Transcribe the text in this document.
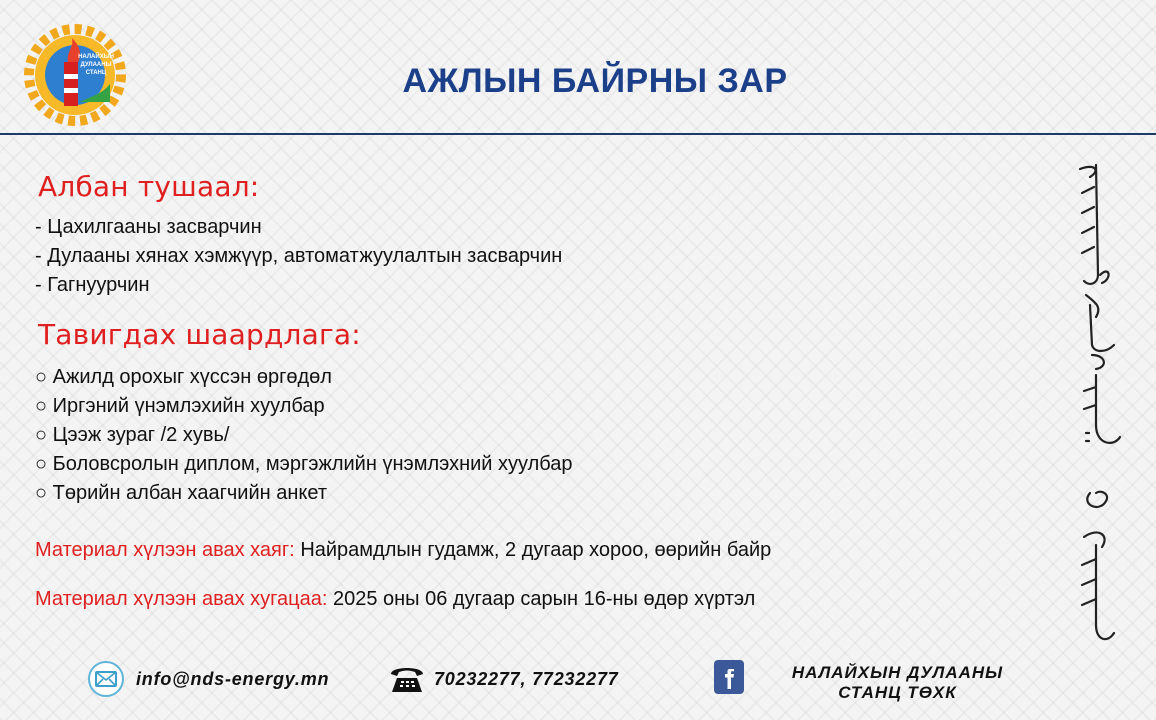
НАЛАЙХЫН
ДУЛААНЫ
СТАНЦ	АЖЛЫН БАЙРНЫ ЗАР
Албан тушаал:
- Цахилгааны засварчин
- Дулааны хянах хэмжүүр, автоматжуулалтын засварчин
- Гагнуурчин
Тавигдах шаардлага:
○ Ажилд орохыг хүссэн өргөдөл
○ Иргэний үнэмлэхийн хуулбар
○ Цээж зураг /2 хувь/
○ Боловсролын диплом, мэргэжлийн үнэмлэхний хуулбар
○ Төрийн албан хаагчийн анкет
Материал хүлээн авах хаяг: Найрамдлын гудамж, 2 дугаар хороо, өөрийн байр
Материал хүлээн авах хугацаа: 2025 оны 06 дугаар сарын 16-ны өдөр хүртэл
info@nds-energy.mn	70232277, 77232277	НАЛАЙХЫН ДУЛААНЫ
СТАНЦ ТӨХК
